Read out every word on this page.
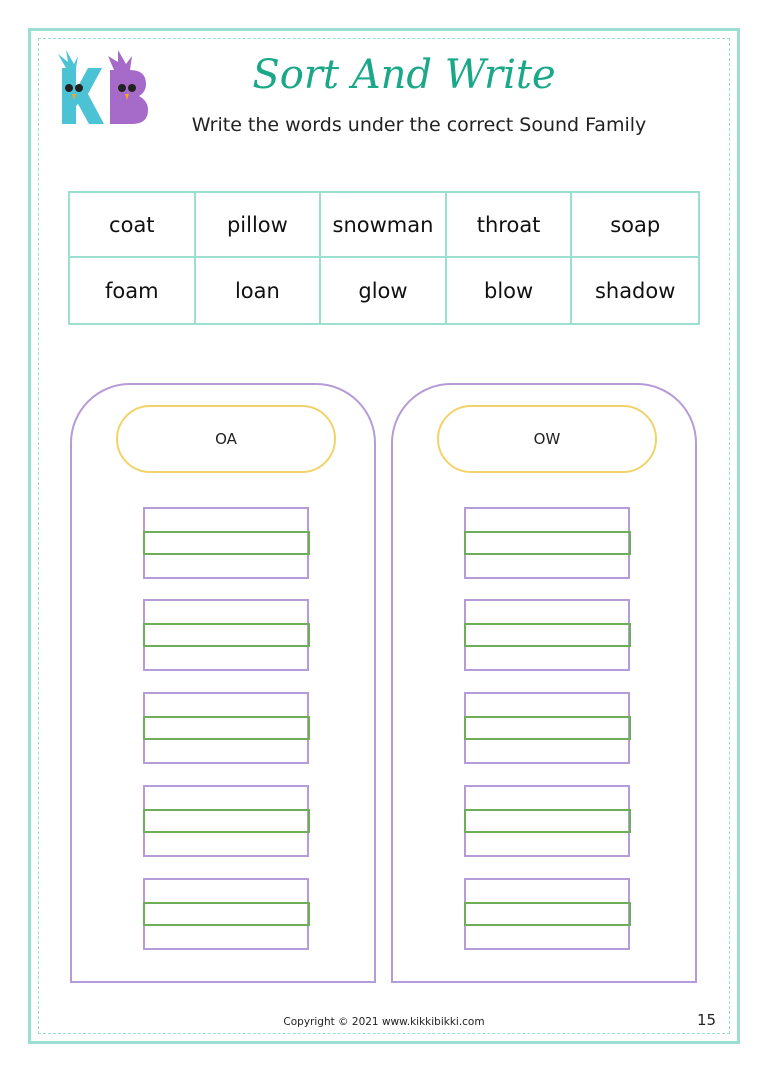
Sort And Write
Write the words under the correct Sound Family
coat	pillow	snowman	throat	soap
foam	loan	glow	blow	shadow
OA	OW
Copyright © 2021 www.kikkibikki.com	15
